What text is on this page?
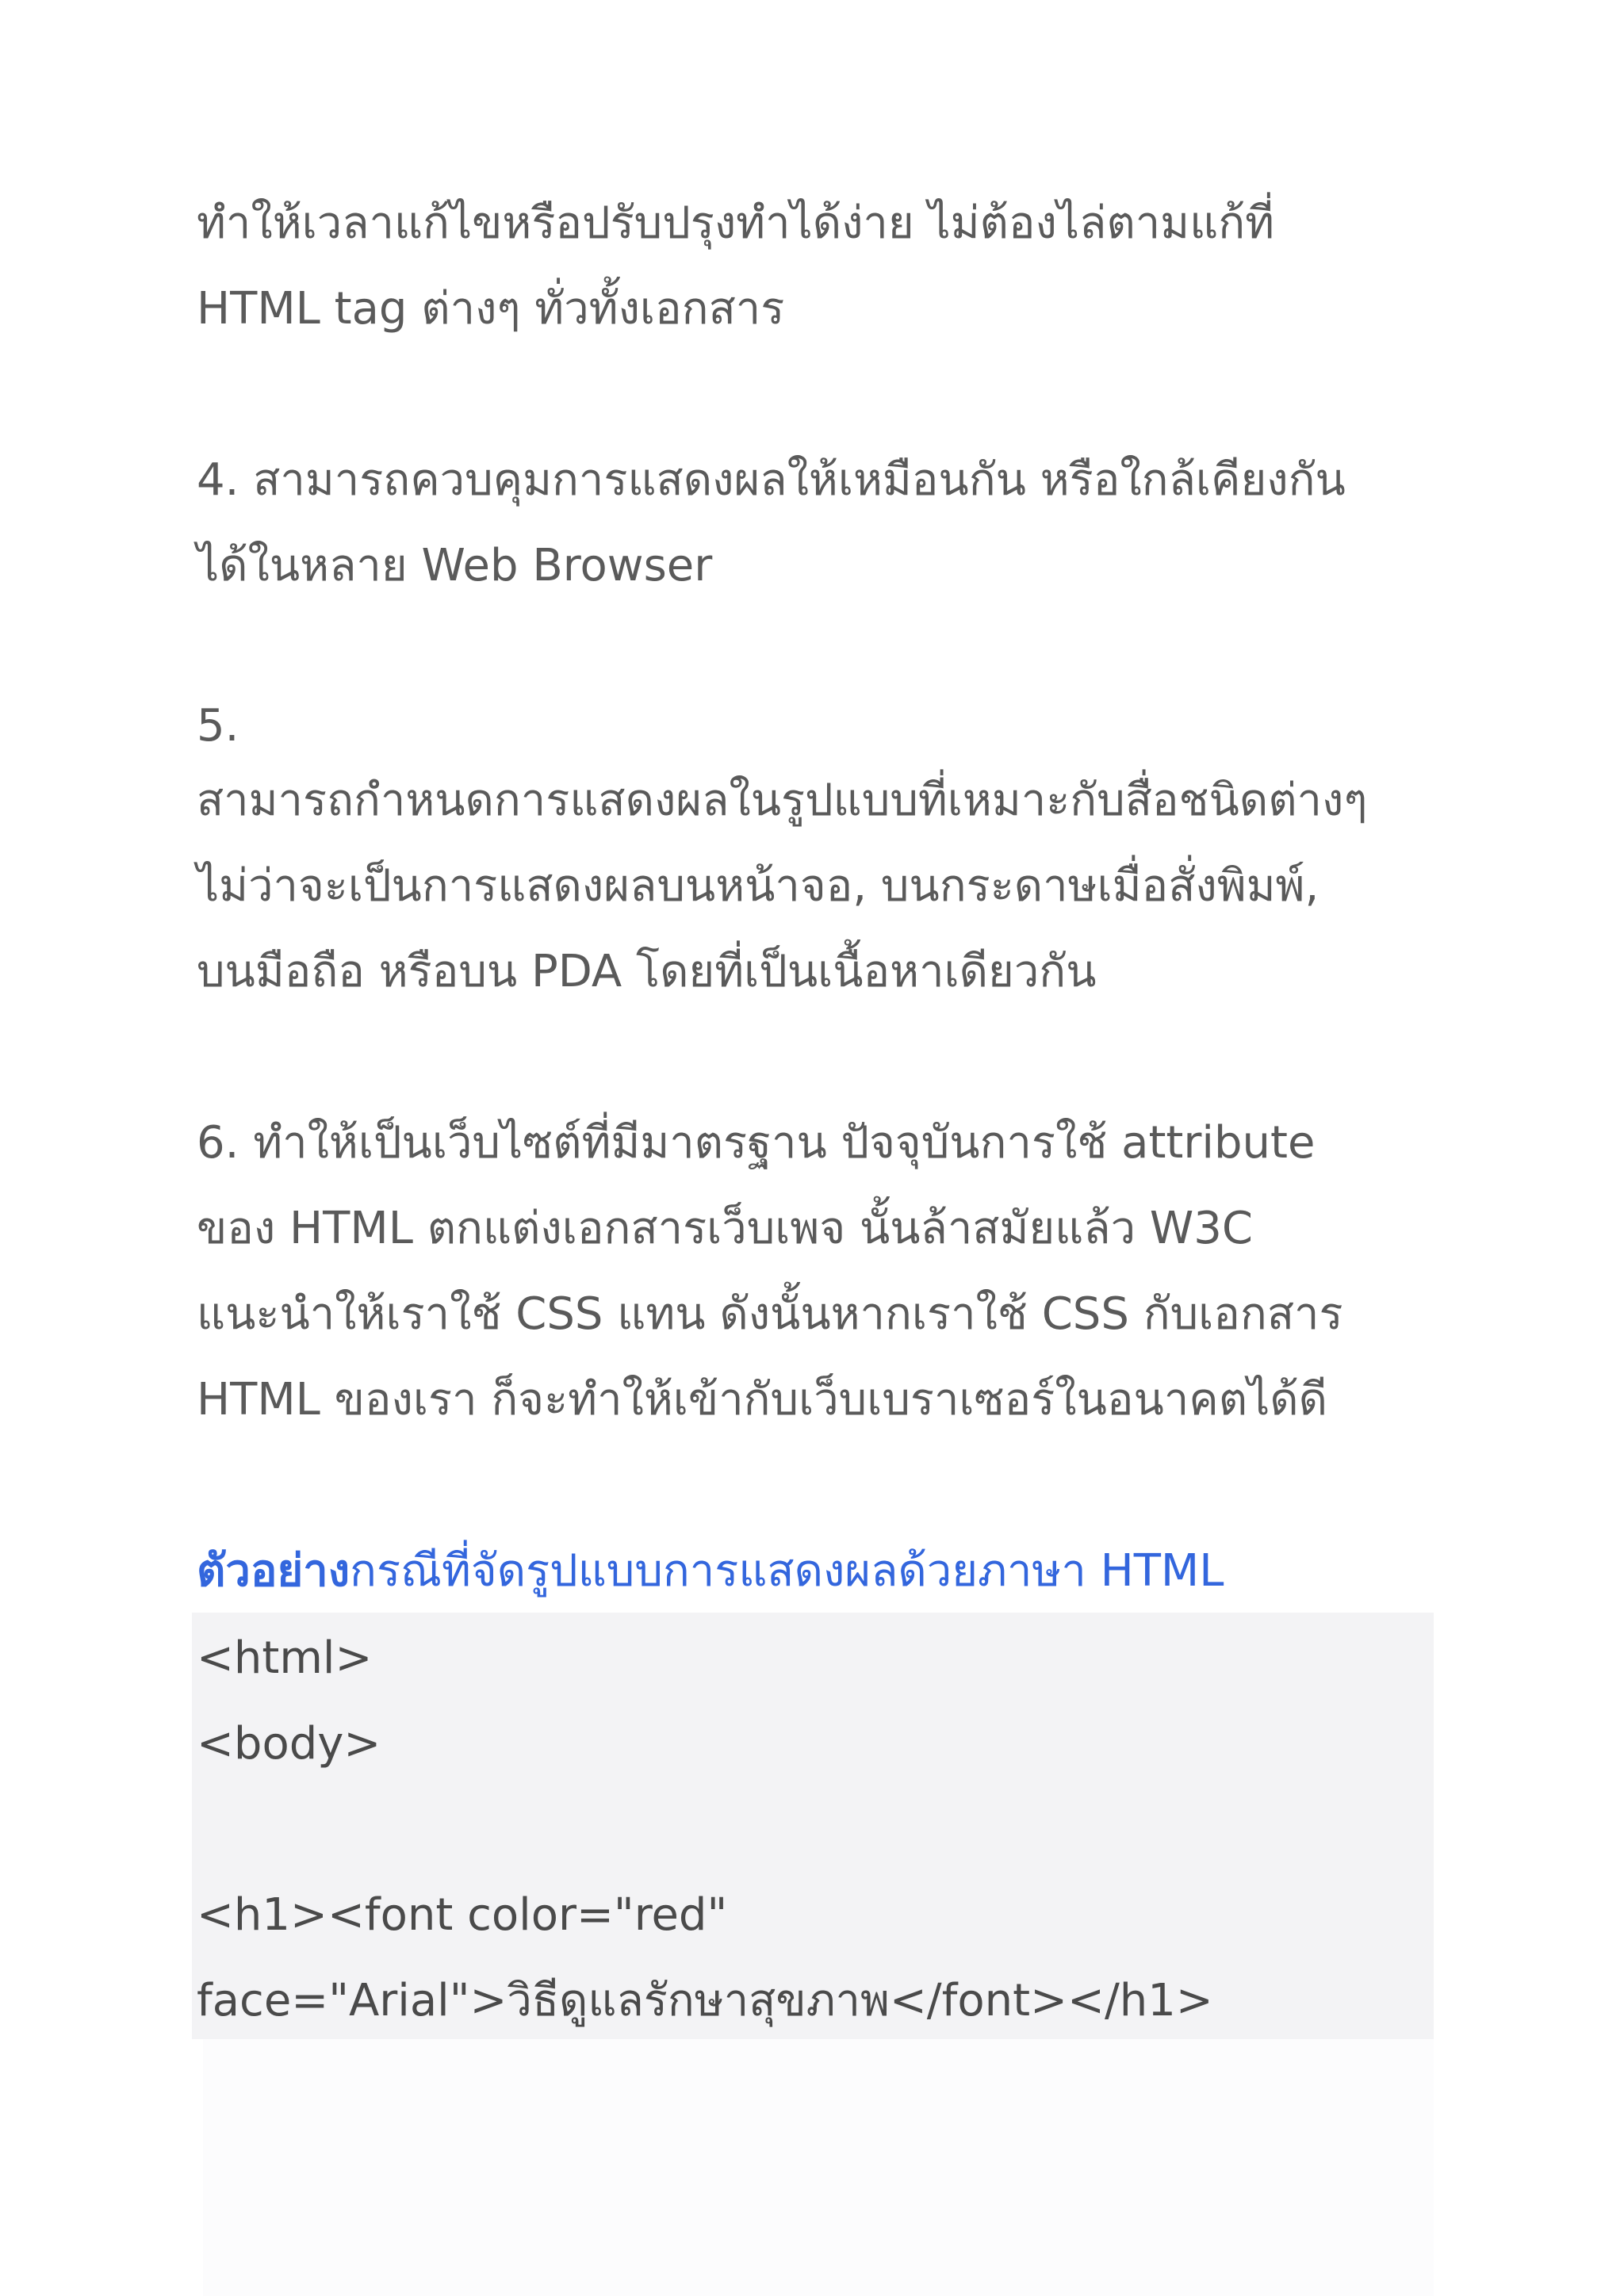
ทำให้เวลาแก้ไขหรือปรับปรุงทำได้ง่าย ไม่ต้องไล่ตามแก้ที่
HTML tag ต่างๆ ทั่วทั้งเอกสาร
4. สามารถควบคุมการแสดงผลให้เหมือนกัน หรือใกล้เคียงกัน
ได้ในหลาย Web Browser
5.
สามารถกำหนดการแสดงผลในรูปแบบที่เหมาะกับสื่อชนิดต่างๆ
ไม่ว่าจะเป็นการแสดงผลบนหน้าจอ, บนกระดาษเมื่อสั่งพิมพ์,
บนมือถือ หรือบน PDA โดยที่เป็นเนื้อหาเดียวกัน
6. ทำให้เป็นเว็บไซต์ที่มีมาตรฐาน ปัจจุบันการใช้ attribute
ของ HTML ตกแต่งเอกสารเว็บเพจ นั้นล้าสมัยแล้ว W3C
แนะนำให้เราใช้ CSS แทน ดังนั้นหากเราใช้ CSS กับเอกสาร
HTML ของเรา ก็จะทำให้เข้ากับเว็บเบราเซอร์ในอนาคตได้ดี
ตัวอย่างกรณีที่จัดรูปแบบการแสดงผลด้วยภาษา HTML
<html>
<body>
<h1><font color="red"
face="Arial">วิธีดูแลรักษาสุขภาพ</font></h1>
